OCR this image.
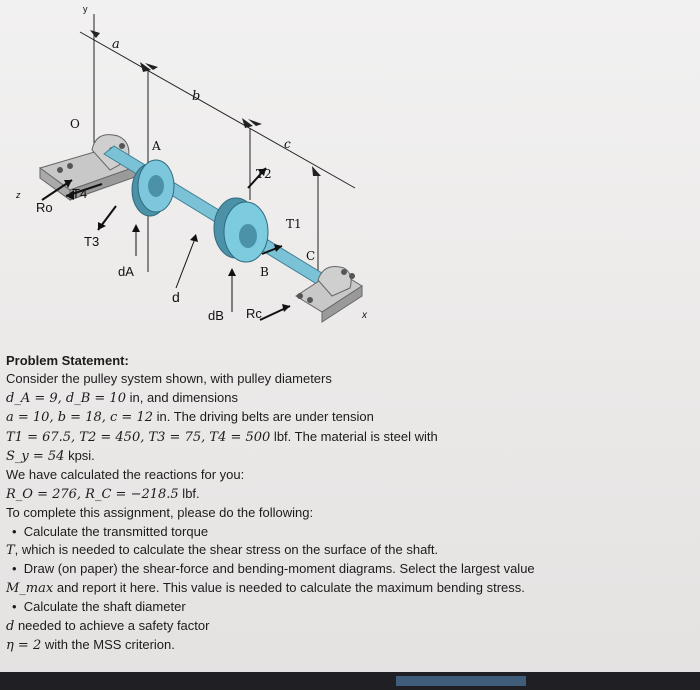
y
a
b
c
O
A
B
C
T1
T2
T3
T4
Ro
Rc
dA
dB
d
z
x
Problem Statement:
Consider the pulley system shown, with pulley diameters
d_A = 9, d_B = 10 in, and dimensions
a = 10, b = 18, c = 12 in. The driving belts are under tension
T1 = 67.5, T2 = 450, T3 = 75, T4 = 500 lbf. The material is steel with
S_y = 54 kpsi.
We have calculated the reactions for you:
R_O = 276, R_C = −218.5 lbf.
To complete this assignment, please do the following:
•  Calculate the transmitted torque
T, which is needed to calculate the shear stress on the surface of the shaft.
•  Draw (on paper) the shear-force and bending-moment diagrams. Select the largest value
M_max and report it here. This value is needed to calculate the maximum bending stress.
•  Calculate the shaft diameter
d needed to achieve a safety factor
η = 2 with the MSS criterion.
